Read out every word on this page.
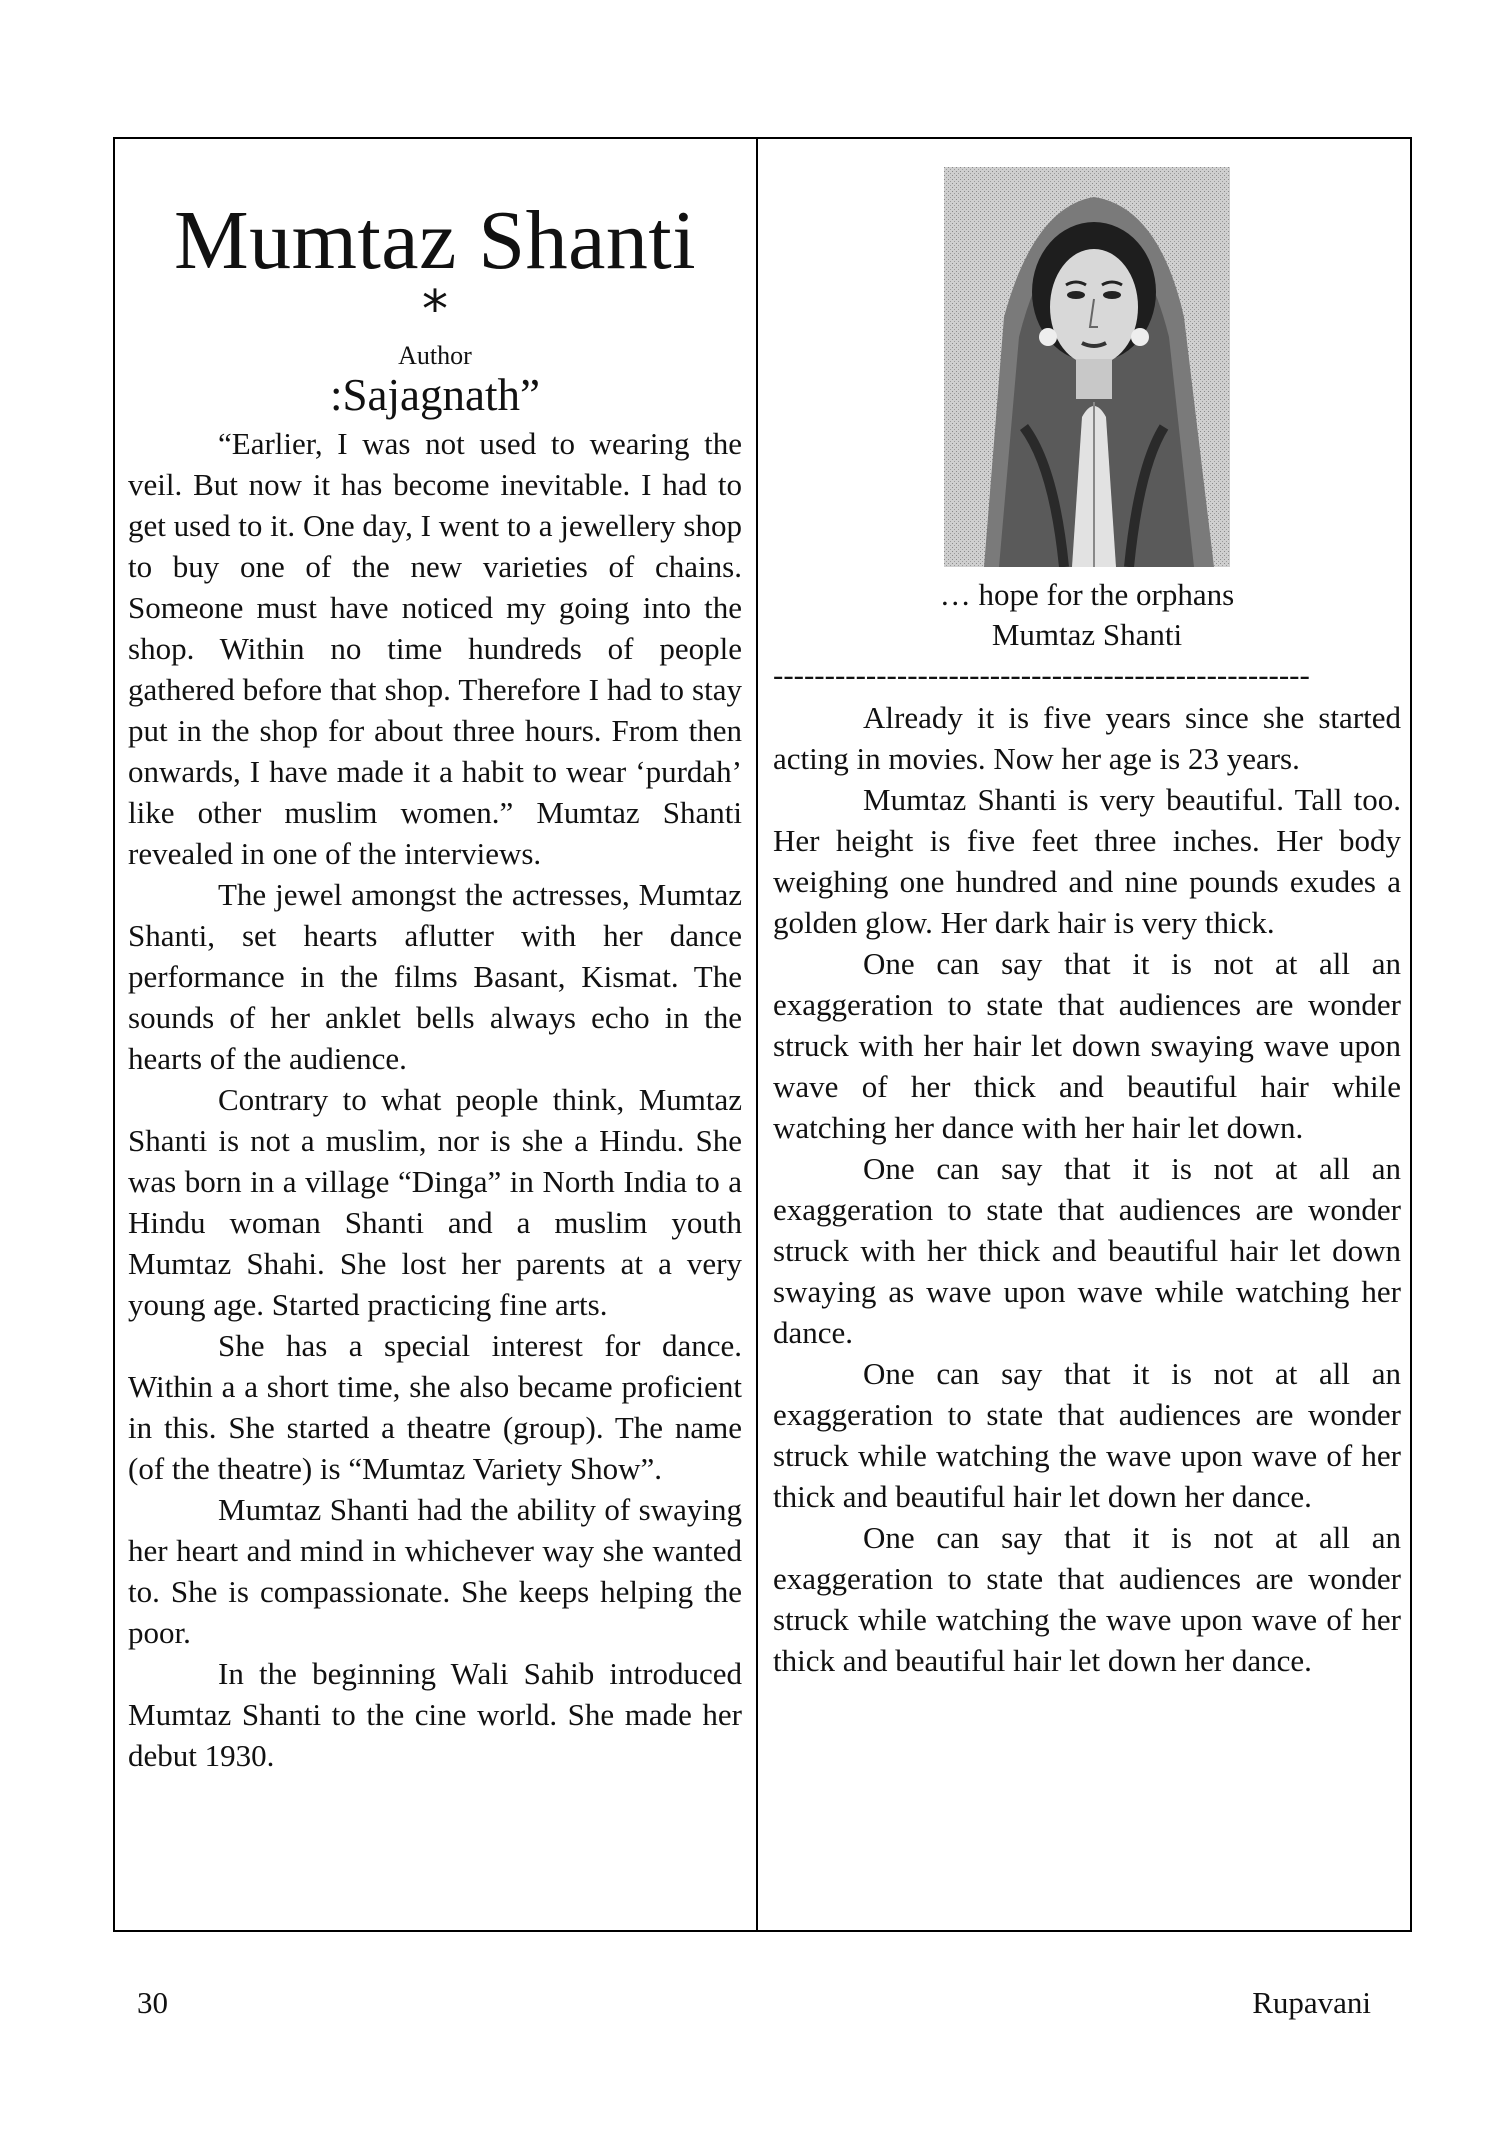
Mumtaz Shanti
*
Author
:Sajagnath”

“Earlier, I was not used to wearing the veil. But now it has become inevitable. I had to get used to it. One day, I went to a jewellery shop to buy one of the new varieties of chains. Someone must have noticed my going into the shop. Within no time hundreds of people gathered before that shop. Therefore I had to stay put in the shop for about three hours. From then onwards, I have made it a habit to wear ‘purdah’ like other muslim women.” Mumtaz Shanti revealed in one of the interviews.

The jewel amongst the actresses, Mumtaz Shanti, set hearts aflutter with her dance performance in the films Basant, Kismat. The sounds of her anklet bells always echo in the hearts of the audience.

Contrary to what people think, Mumtaz Shanti is not a muslim, nor is she a Hindu. She was born in a village “Dinga” in North India to a Hindu woman Shanti and a muslim youth Mumtaz Shahi. She lost her parents at a very young age. Started practicing fine arts.

She has a special interest for dance. Within a a short time, she also became proficient in this. She started a theatre (group). The name (of the theatre) is “Mumtaz Variety Show”.

Mumtaz Shanti had the ability of swaying her heart and mind in whichever way she wanted to. She is compassionate. She keeps helping the poor.

In the beginning Wali Sahib introduced Mumtaz Shanti to the cine world. She made her debut 1930.

… hope for the orphans
Mumtaz Shanti
----------------------------------------------------

Already it is five years since she started acting in movies. Now her age is 23 years.

Mumtaz Shanti is very beautiful. Tall too. Her height is five feet three inches. Her body weighing one hundred and nine pounds exudes a golden glow. Her dark hair is very thick.

One can say that it is not at all an exaggeration to state that audiences are wonder struck with her hair let down swaying wave upon wave of her thick and beautiful hair while watching her dance with her hair let down.

One can say that it is not at all an exaggeration to state that audiences are wonder struck with her thick and beautiful hair let down swaying as wave upon wave while watching her dance.

One can say that it is not at all an exaggeration to state that audiences are wonder struck while watching the wave upon wave of her thick and beautiful hair let down her dance.

One can say that it is not at all an exaggeration to state that audiences are wonder struck while watching the wave upon wave of her thick and beautiful hair let down her dance.

30	Rupavani
